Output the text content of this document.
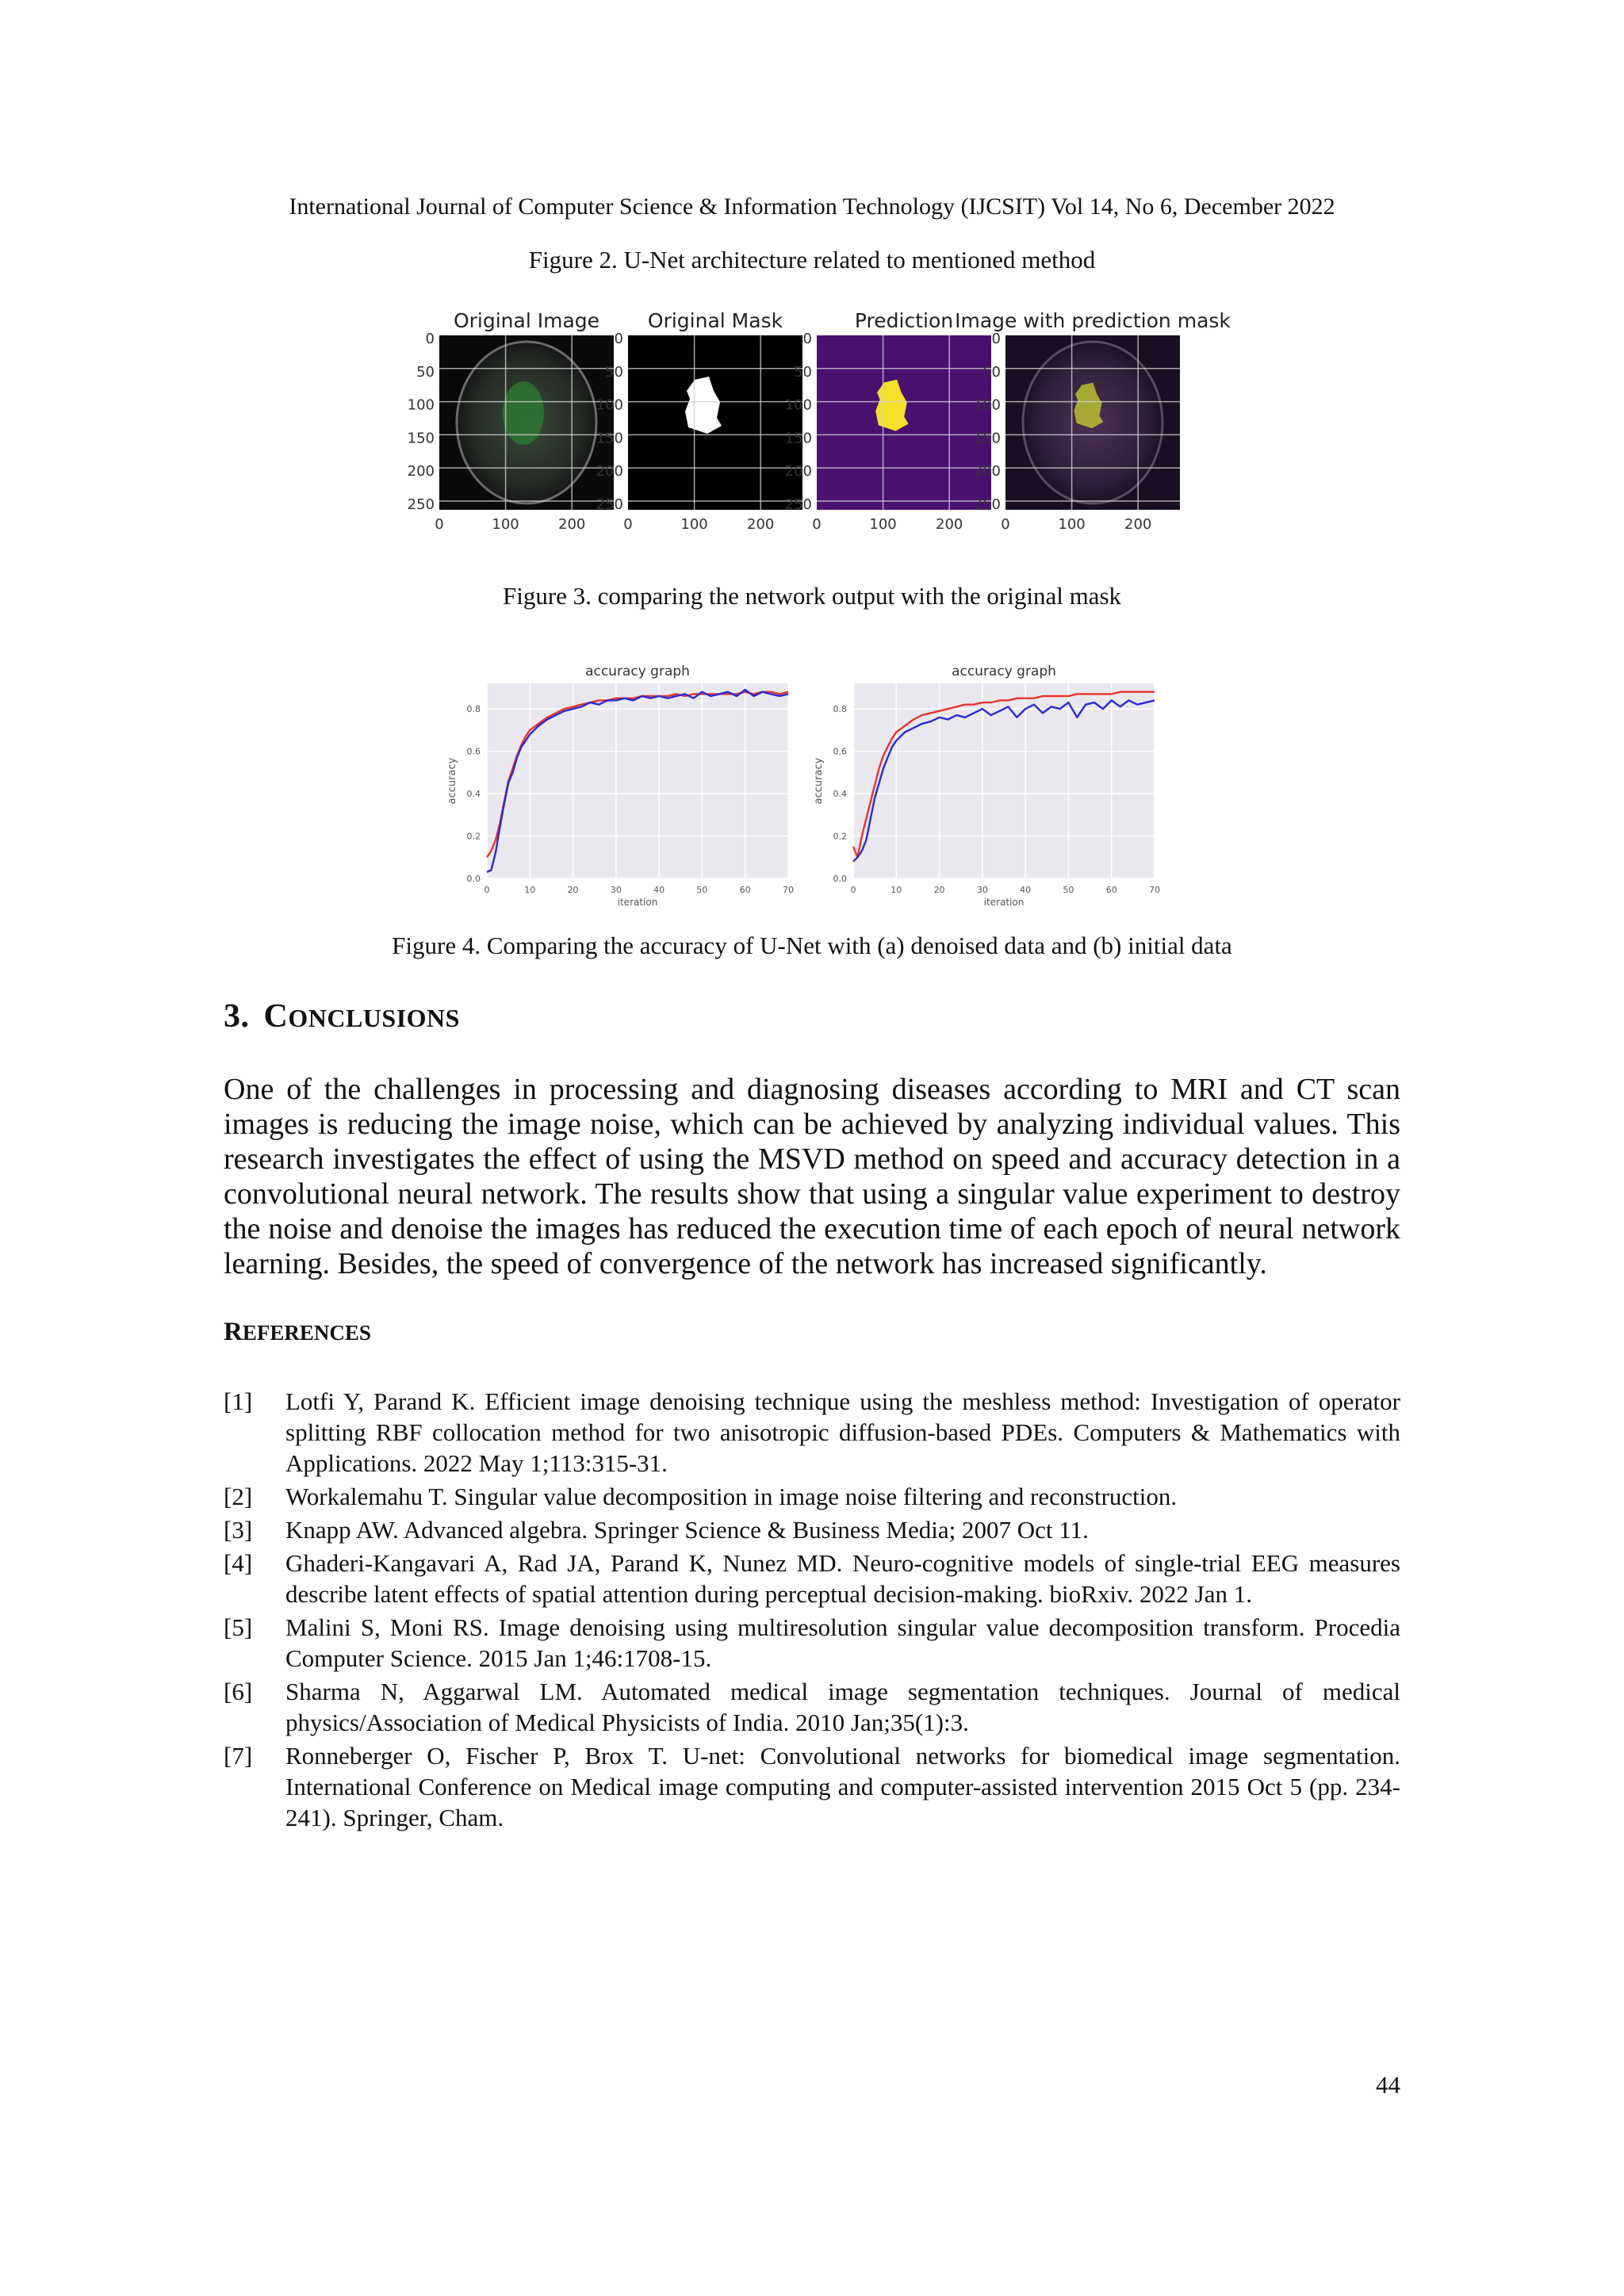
International Journal of Computer Science & Information Technology (IJCSIT) Vol 14, No 6, December 2022
Figure 2. U-Net architecture related to mentioned method
Original Image
0
50
100
150
200
250
0	100	200
Original Mask
0
50
100
150
200
250
0	100	200
Prediction
0
50
100
150
200
250
0	100	200
Image with prediction mask
0
50
100
150
200
250
0	100	200
Figure 3. comparing the network output with the original mask
accuracy graph
0	10	20	30	40	50	60	70
0.0
0.2
0.4
0.6
0.8
iteration
accuracy
accuracy graph
0	10	20	30	40	50	60	70
0.0
0.2
0.4
0.6
0.8
iteration
accuracy
Figure 4. Comparing the accuracy of U-Net with (a) denoised data and (b) initial data
3. CONCLUSIONS
One of the challenges in processing and diagnosing diseases according to MRI and CT scan images is reducing the image noise, which can be achieved by analyzing individual values. This research investigates the effect of using the MSVD method on speed and accuracy detection in a convolutional neural network. The results show that using a singular value experiment to destroy the noise and denoise the images has reduced the execution time of each epoch of neural network learning. Besides, the speed of convergence of the network has increased significantly.
REFERENCES
[1]	Lotfi Y, Parand K. Efficient image denoising technique using the meshless method: Investigation of operator splitting RBF collocation method for two anisotropic diffusion-based PDEs. Computers & Mathematics with Applications. 2022 May 1;113:315-31.
[2]	Workalemahu T. Singular value decomposition in image noise filtering and reconstruction.
[3]	Knapp AW. Advanced algebra. Springer Science & Business Media; 2007 Oct 11.
[4]	Ghaderi-Kangavari A, Rad JA, Parand K, Nunez MD. Neuro-cognitive models of single-trial EEG measures describe latent effects of spatial attention during perceptual decision-making. bioRxiv. 2022 Jan 1.
[5]	Malini S, Moni RS. Image denoising using multiresolution singular value decomposition transform. Procedia Computer Science. 2015 Jan 1;46:1708-15.
[6]	Sharma N, Aggarwal LM. Automated medical image segmentation techniques. Journal of medical physics/Association of Medical Physicists of India. 2010 Jan;35(1):3.
[7]	Ronneberger O, Fischer P, Brox T. U-net: Convolutional networks for biomedical image segmentation. International Conference on Medical image computing and computer-assisted intervention 2015 Oct 5 (pp. 234-241). Springer, Cham.
44
